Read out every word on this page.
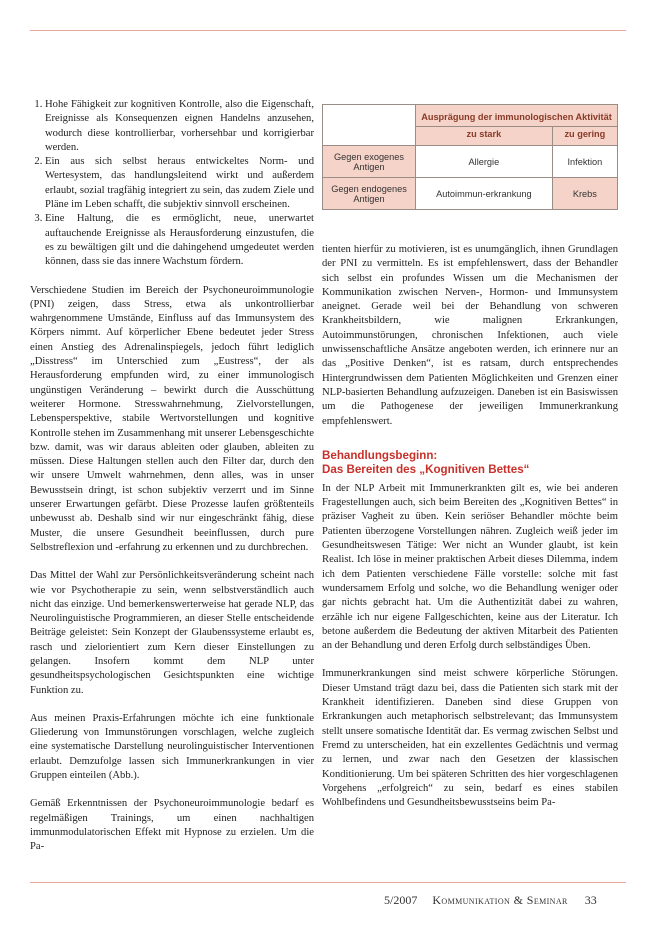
1. Hohe Fähigkeit zur kognitiven Kontrolle, also die Eigenschaft, Ereignisse als Konsequenzen eignen Handelns anzusehen, wodurch diese kontrollierbar, vorhersehbar und korrigierbar werden.
2. Ein aus sich selbst heraus entwickeltes Norm- und Wertesystem, das handlungsleitend wirkt und außerdem erlaubt, sozial tragfähig integriert zu sein, das zudem Ziele und Pläne im Leben schafft, die subjektiv sinnvoll erscheinen.
3. Eine Haltung, die es ermöglicht, neue, unerwartet auftauchende Ereignisse als Herausforderung einzustufen, die es zu bewältigen gilt und die dahingehend umgedeutet werden können, dass sie das innere Wachstum fördern.

Verschiedene Studien im Bereich der Psychoneuroimmunologie (PNI) zeigen, dass Stress, etwa als unkontrollierbar wahrgenommene Umstände, Einfluss auf das Immunsystem des Körpers nimmt. Auf körperlicher Ebene bedeutet jeder Stress einen Anstieg des Adrenalinspiegels, jedoch führt lediglich „Disstress“ im Unterschied zum „Eustress“, der als Herausforderung empfunden wird, zu einer immunologisch ungünstigen Veränderung – bewirkt durch die Ausschüttung weiterer Hormone. Stresswahrnehmung, Zielvorstellungen, Lebensperspektive, stabile Wertvorstellungen und kognitive Kontrolle stehen im Zusammenhang mit unserer Lebensgeschichte bzw. damit, was wir daraus ableiten oder glauben, ableiten zu müssen. Diese Haltungen stellen auch den Filter dar, durch den wir unsere Umwelt wahrnehmen, denn alles, was in unser Bewusstsein dringt, ist schon subjektiv verzerrt und im Sinne unserer Erwartungen gefärbt. Diese Prozesse laufen größtenteils unbewusst ab. Deshalb sind wir nur eingeschränkt fähig, diese Muster, die unsere Gesundheit beeinflussen, durch pure Selbstreflexion und -erfahrung zu erkennen und zu durchbrechen.

Das Mittel der Wahl zur Persönlichkeitsveränderung scheint nach wie vor Psychotherapie zu sein, wenn selbstverständlich auch nicht das einzige. Und bemerkenswerterweise hat gerade NLP, das Neurolinguistische Programmieren, an dieser Stelle entscheidende Beiträge geleistet: Sein Konzept der Glaubenssysteme erlaubt es, rasch und zielorientiert zum Kern dieser Einstellungen zu gelangen. Insofern kommt dem NLP unter gesundheitspsychologischen Gesichtspunkten eine wichtige Funktion zu.

Aus meinen Praxis-Erfahrungen möchte ich eine funktionale Gliederung von Immunstörungen vorschlagen, welche zugleich eine systematische Darstellung neurolinguistischer Interventionen erlaubt. Demzufolge lassen sich Immunerkrankungen in vier Gruppen einteilen (Abb.).

Gemäß Erkenntnissen der Psychoneuroimmunologie bedarf es regelmäßigen Trainings, um einen nachhaltigen immunmodulatorischen Effekt mit Hypnose zu erzielen. Um die Pa-

	Ausprägung der immunologischen Aktivität	
	zu stark	zu gering
Gegen exogenes Antigen	Allergie	Infektion
Gegen endogenes Antigen	Autoimmun-erkrankung	Krebs

tienten hierfür zu motivieren, ist es unumgänglich, ihnen Grundlagen der PNI zu vermitteln. Es ist empfehlenswert, dass der Behandler sich selbst ein profundes Wissen um die Mechanismen der Kommunikation zwischen Nerven-, Hormon- und Immunsystem aneignet. Gerade weil bei der Behandlung von schweren Krankheitsbildern, wie malignen Erkrankungen, Autoimmunstörungen, chronischen Infektionen, auch viele unwissenschaftliche Ansätze angeboten werden, ich erinnere nur an das „Positive Denken“, ist es ratsam, durch entsprechendes Hintergrundwissen dem Patienten Möglichkeiten und Grenzen einer NLP-basierten Behandlung aufzuzeigen. Daneben ist ein Basiswissen um die Pathogenese der jeweiligen Immunerkrankung empfehlenswert.

Behandlungsbeginn:
Das Bereiten des „Kognitiven Bettes“

In der NLP Arbeit mit Immunerkrankten gilt es, wie bei anderen Fragestellungen auch, sich beim Bereiten des „Kognitiven Bettes“ in präziser Vagheit zu üben. Kein seriöser Behandler möchte beim Patienten überzogene Vorstellungen nähren. Zugleich weiß jeder im Gesundheitswesen Tätige: Wer nicht an Wunder glaubt, ist kein Realist. Ich löse in meiner praktischen Arbeit dieses Dilemma, indem ich dem Patienten verschiedene Fälle vorstelle: solche mit fast wundersamem Erfolg und solche, wo die Behandlung weniger oder gar nichts gebracht hat. Um die Authentizität dabei zu wahren, erzähle ich nur eigene Fallgeschichten, keine aus der Literatur. Ich betone außerdem die Bedeutung der aktiven Mitarbeit des Patienten an der Behandlung und deren Erfolg durch selbständiges Üben.

Immunerkrankungen sind meist schwere körperliche Störungen. Dieser Umstand trägt dazu bei, dass die Patienten sich stark mit der Krankheit identifizieren. Daneben sind diese Gruppen von Erkrankungen auch metaphorisch selbstrelevant; das Immunsystem stellt unsere somatische Identität dar. Es vermag zwischen Selbst und Fremd zu unterscheiden, hat ein exzellentes Gedächtnis und vermag zu lernen, und zwar nach den Gesetzen der klassischen Konditionierung. Um bei späteren Schritten des hier vorgeschlagenen Vorgehens „erfolgreich“ zu sein, bedarf es eines stabilen Wohlbefindens und Gesundheitsbewusstseins beim Pa-

5/2007 Kommunikation & Seminar 33
